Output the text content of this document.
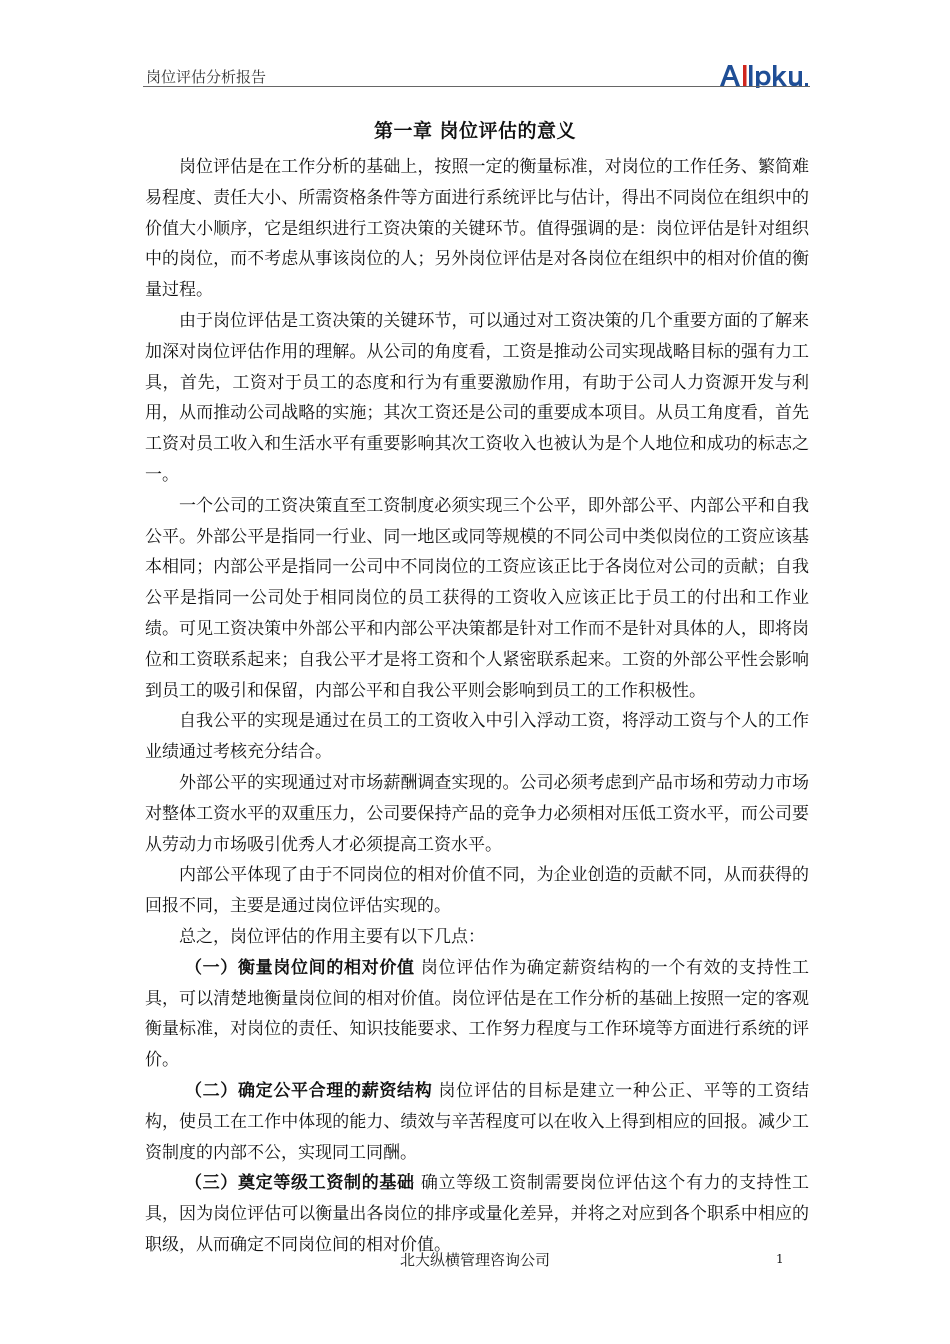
岗位评估分析报告
第一章 岗位评估的意义

岗位评估是在工作分析的基础上，按照一定的衡量标准，对岗位的工作任务、繁简难易程度、责任大小、所需资格条件等方面进行系统评比与估计，得出不同岗位在组织中的价值大小顺序，它是组织进行工资决策的关键环节。值得强调的是：岗位评估是针对组织中的岗位，而不考虑从事该岗位的人；另外岗位评估是对各岗位在组织中的相对价值的衡量过程。

由于岗位评估是工资决策的关键环节，可以通过对工资决策的几个重要方面的了解来加深对岗位评估作用的理解。从公司的角度看，工资是推动公司实现战略目标的强有力工具，首先，工资对于员工的态度和行为有重要激励作用，有助于公司人力资源开发与利用，从而推动公司战略的实施；其次工资还是公司的重要成本项目。从员工角度看，首先工资对员工收入和生活水平有重要影响其次工资收入也被认为是个人地位和成功的标志之一。

一个公司的工资决策直至工资制度必须实现三个公平，即外部公平、内部公平和自我公平。外部公平是指同一行业、同一地区或同等规模的不同公司中类似岗位的工资应该基本相同；内部公平是指同一公司中不同岗位的工资应该正比于各岗位对公司的贡献；自我公平是指同一公司处于相同岗位的员工获得的工资收入应该正比于员工的付出和工作业绩。可见工资决策中外部公平和内部公平决策都是针对工作而不是针对具体的人，即将岗位和工资联系起来；自我公平才是将工资和个人紧密联系起来。工资的外部公平性会影响到员工的吸引和保留，内部公平和自我公平则会影响到员工的工作积极性。

自我公平的实现是通过在员工的工资收入中引入浮动工资，将浮动工资与个人的工作业绩通过考核充分结合。

外部公平的实现通过对市场薪酬调查实现的。公司必须考虑到产品市场和劳动力市场对整体工资水平的双重压力，公司要保持产品的竞争力必须相对压低工资水平，而公司要从劳动力市场吸引优秀人才必须提高工资水平。

内部公平体现了由于不同岗位的相对价值不同，为企业创造的贡献不同，从而获得的回报不同，主要是通过岗位评估实现的。

总之，岗位评估的作用主要有以下几点：

（一）衡量岗位间的相对价值 岗位评估作为确定薪资结构的一个有效的支持性工具，可以清楚地衡量岗位间的相对价值。岗位评估是在工作分析的基础上按照一定的客观衡量标准，对岗位的责任、知识技能要求、工作努力程度与工作环境等方面进行系统的评价。

（二）确定公平合理的薪资结构 岗位评估的目标是建立一种公正、平等的工资结构，使员工在工作中体现的能力、绩效与辛苦程度可以在收入上得到相应的回报。减少工资制度的内部不公，实现同工同酬。

（三）奠定等级工资制的基础 确立等级工资制需要岗位评估这个有力的支持性工具，因为岗位评估可以衡量出各岗位的排序或量化差异，并将之对应到各个职系中相应的职级，从而确定不同岗位间的相对价值。

北大纵横管理咨询公司	1
